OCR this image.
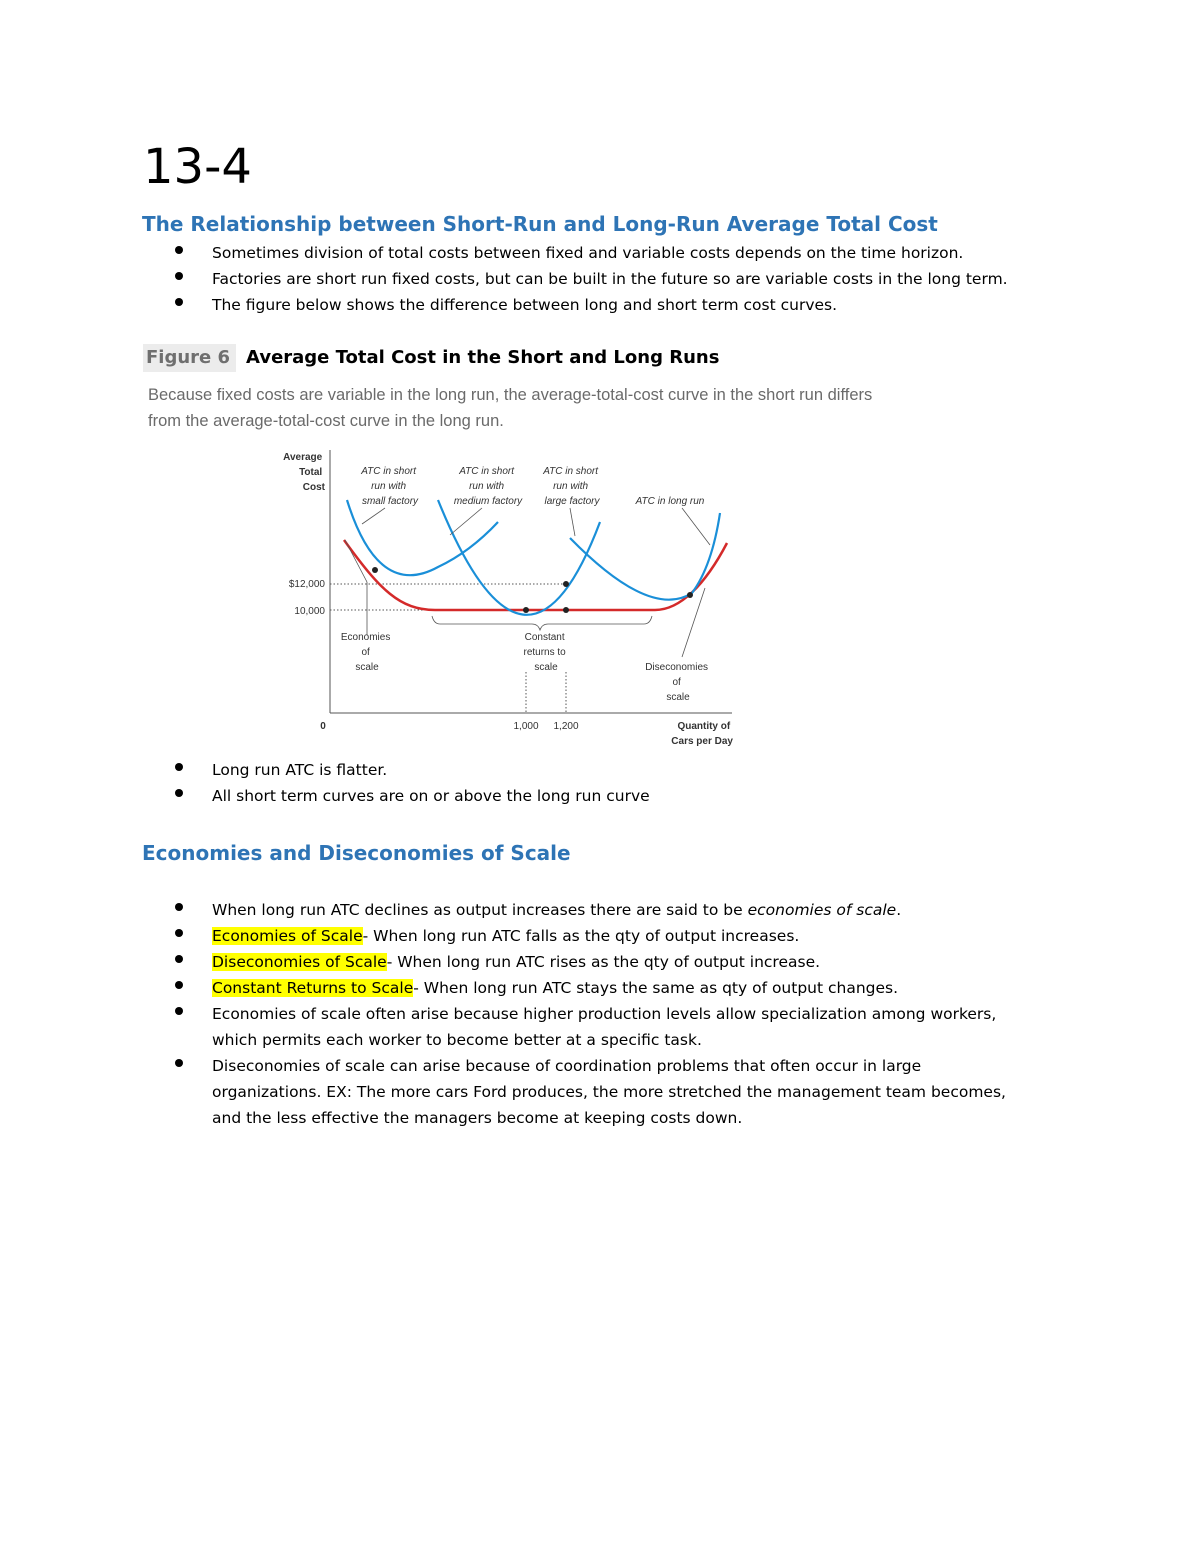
13-4
The Relationship between Short-Run and Long-Run Average Total Cost
Sometimes division of total costs between fixed and variable costs depends on the time horizon.
Factories are short run fixed costs, but can be built in the future so are variable costs in the long term.
The figure below shows the difference between long and short term cost curves.
Figure 6 Average Total Cost in the Short and Long Runs
Because fixed costs are variable in the long run, the average-total-cost curve in the short run differs from the average-total-cost curve in the long run.
Average Total Cost
Quantity of Cars per Day
0
$12,000
10,000
1,000 1,200
ATC in short run with small factory
ATC in short run with medium factory
ATC in short run with large factory	ATC in long run
Economies of scale
Constant returns to scale	Diseconomies of scale
Long run ATC is flatter.
All short term curves are on or above the long run curve
Economies and Diseconomies of Scale
When long run ATC declines as output increases there are said to be economies of scale.
Economies of Scale- When long run ATC falls as the qty of output increases.
Diseconomies of Scale- When long run ATC rises as the qty of output increase.
Constant Returns to Scale- When long run ATC stays the same as qty of output changes.
Economies of scale often arise because higher production levels allow specialization among workers, which permits each worker to become better at a specific task.
Diseconomies of scale can arise because of coordination problems that often occur in large organizations. EX: The more cars Ford produces, the more stretched the management team becomes, and the less effective the managers become at keeping costs down.
